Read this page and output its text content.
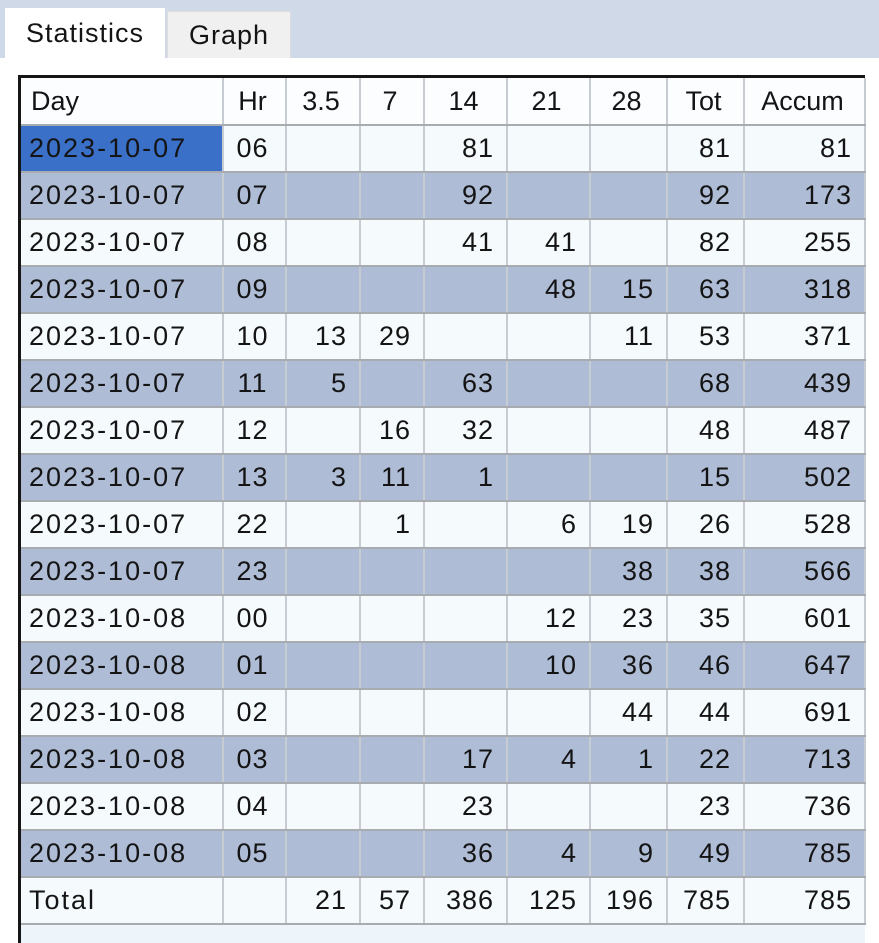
Statistics	Graph
Day	Hr	3.5	7	14	21	28	Tot	Accum
2023-10-07	06			81			81	81
2023-10-07	07			92			92	173
2023-10-07	08			41	41		82	255
2023-10-07	09				48	15	63	318
2023-10-07	10	13	29			11	53	371
2023-10-07	11	5		63			68	439
2023-10-07	12		16	32			48	487
2023-10-07	13	3	11	1			15	502
2023-10-07	22		1		6	19	26	528
2023-10-07	23					38	38	566
2023-10-08	00				12	23	35	601
2023-10-08	01				10	36	46	647
2023-10-08	02					44	44	691
2023-10-08	03			17	4	1	22	713
2023-10-08	04			23			23	736
2023-10-08	05			36	4	9	49	785
Total		21	57	386	125	196	785	785
